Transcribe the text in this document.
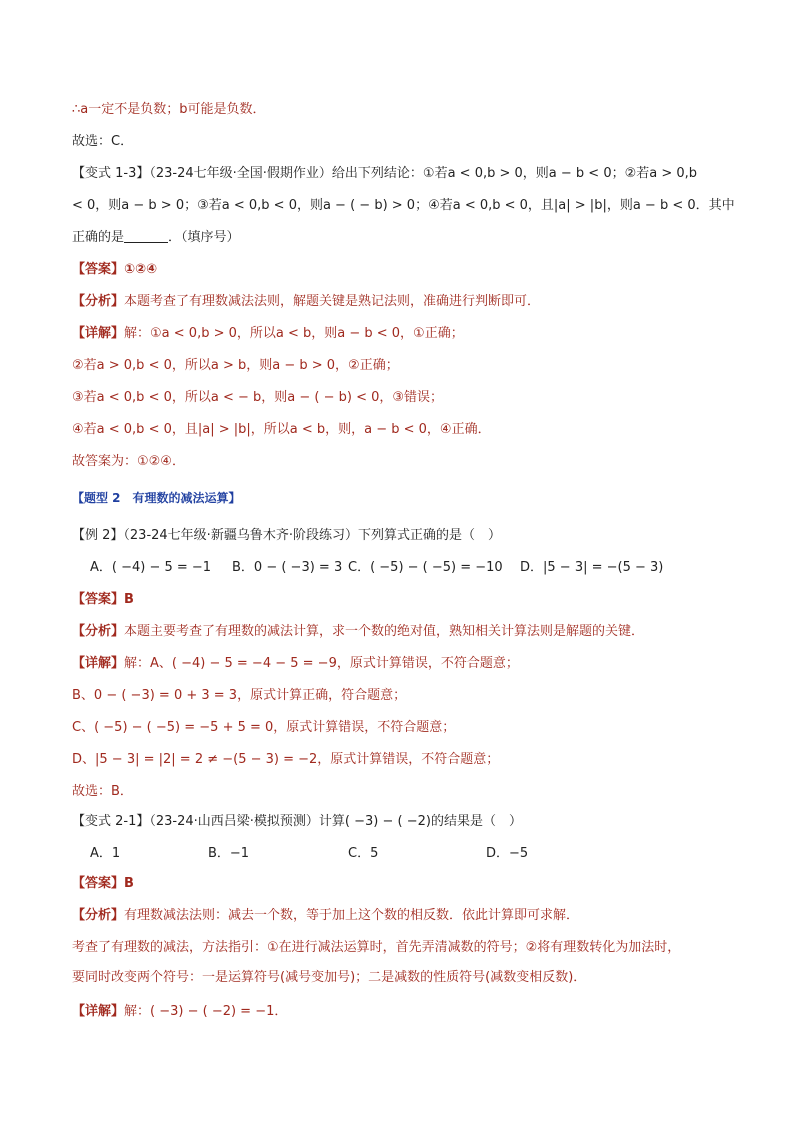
∴a一定不是负数；b可能是负数．
故选：C．
【变式 1-3】（23-24七年级·全国·假期作业）给出下列结论：①若a < 0,b > 0，则a − b < 0；②若a > 0,b
< 0，则a − b > 0；③若a < 0,b < 0，则a − ( − b) > 0；④若a < 0,b < 0，且|a| > |b|，则a − b < 0．其中
正确的是	．（填序号）
【答案】①②④
【分析】本题考查了有理数减法法则，解题关键是熟记法则，准确进行判断即可．
【详解】解：①a < 0,b > 0，所以a < b，则a − b < 0，①正确；
②若a > 0,b < 0，所以a > b，则a − b > 0，②正确；
③若a < 0,b < 0，所以a < − b，则a − ( − b) < 0，③错误；
④若a < 0,b < 0，且|a| > |b|，所以a < b，则，a − b < 0，④正确．
故答案为：①②④．
【题型 2　有理数的减法运算】
【例 2】（23-24七年级·新疆乌鲁木齐·阶段练习）下列算式正确的是（　）
A．( −4) − 5 = −1 B．0 − ( −3) = 3 C．( −5) − ( −5) = −10 D．|5 − 3| = −(5 − 3)
【答案】B
【分析】本题主要考查了有理数的减法计算，求一个数的绝对值，熟知相关计算法则是解题的关键．
【详解】解：A、( −4) − 5 = −4 − 5 = −9，原式计算错误，不符合题意；
B、0 − ( −3) = 0 + 3 = 3，原式计算正确，符合题意；
C、( −5) − ( −5) = −5 + 5 = 0，原式计算错误，不符合题意；
D、|5 − 3| = |2| = 2 ≠ −(5 − 3) = −2，原式计算错误，不符合题意；
故选：B．
【变式 2-1】（23-24·山西吕梁·模拟预测）计算( −3) − ( −2)的结果是（　）
A．1	B．−1	C．5	D．−5
【答案】B
【分析】有理数减法法则：减去一个数，等于加上这个数的相反数．依此计算即可求解．
考查了有理数的减法，方法指引：①在进行减法运算时，首先弄清减数的符号；②将有理数转化为加法时，
要同时改变两个符号：一是运算符号(减号变加号)；二是减数的性质符号(减数变相反数)．
【详解】解：( −3) − ( −2) = −1．
